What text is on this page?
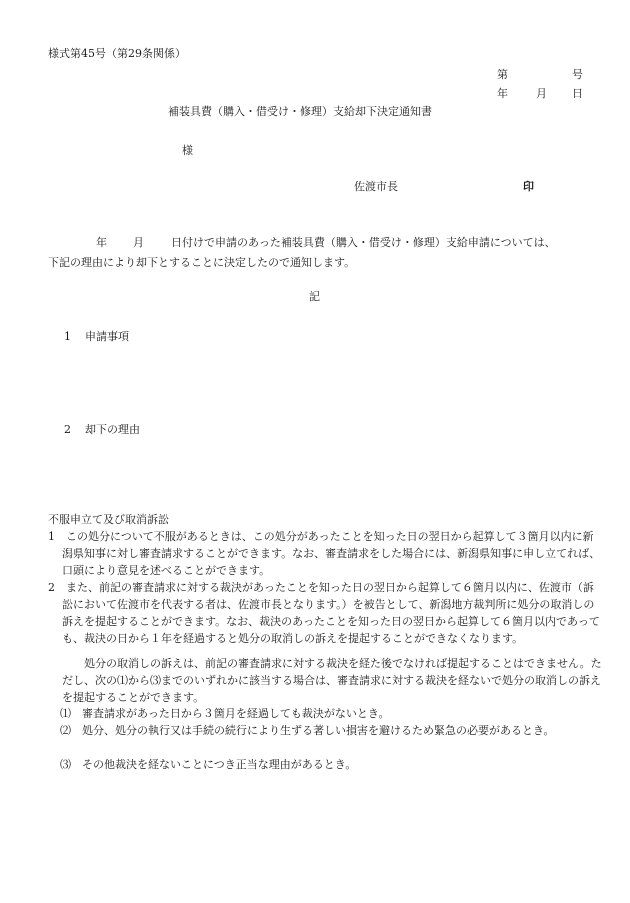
様式第45号（第29条関係）
第	号
年	月 日
補装具費（購入・借受け・修理）支給却下決定通知書
様
佐渡市長	印
年 月 日付けで申請のあった補装具費（購入・借受け・修理）支給申請については、
下記の理由により却下とすることに決定したので通知します。
記
1 申請事項
2 却下の理由
不服申立て及び取消訴訟
1　この処分について不服があるときは、この処分があったことを知った日の翌日から起算して３箇月以内に新潟県知事に対し審査請求することができます。なお、審査請求をした場合には、新潟県知事に申し立てれば、口頭により意見を述べることができます。
2　また、前記の審査請求に対する裁決があったことを知った日の翌日から起算して６箇月以内に、佐渡市（訴訟において佐渡市を代表する者は、佐渡市長となります。）を被告として、新潟地方裁判所に処分の取消しの訴えを提起することができます。なお、裁決のあったことを知った日の翌日から起算して６箇月以内であっても、裁決の日から１年を経過すると処分の取消しの訴えを提起することができなくなります。
処分の取消しの訴えは、前記の審査請求に対する裁決を経た後でなければ提起することはできません。ただし、次の⑴から⑶までのいずれかに該当する場合は、審査請求に対する裁決を経ないで処分の取消しの訴えを提起することができます。
⑴　審査請求があった日から３箇月を経過しても裁決がないとき。
⑵　処分、処分の執行又は手続の続行により生ずる著しい損害を避けるため緊急の必要があるとき。
⑶　その他裁決を経ないことにつき正当な理由があるとき。
